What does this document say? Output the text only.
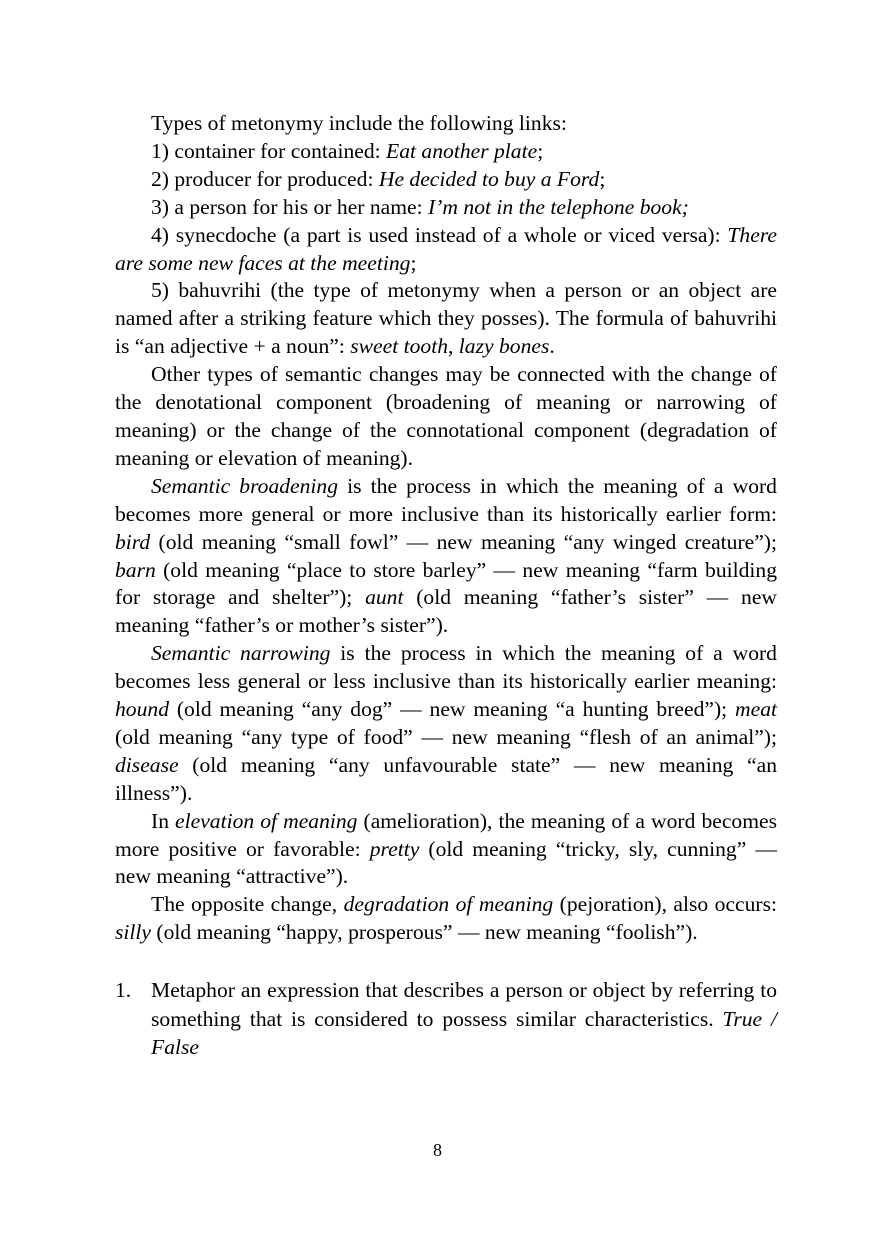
Types of metonymy include the following links:

1) container for contained: Eat another plate;

2) producer for produced: He decided to buy a Ford;

3) a person for his or her name: I’m not in the telephone book;

4) synecdoche (a part is used instead of a whole or viced versa): There are some new faces at the meeting;

5) bahuvrihi (the type of metonymy when a person or an object are named after a striking feature which they posses). The formula of bahuvrihi is “an adjective + a noun”: sweet tooth, lazy bones.

Other types of semantic changes may be connected with the change of the denotational component (broadening of meaning or narrowing of meaning) or the change of the connotational component (degradation of meaning or elevation of meaning).

Semantic broadening is the process in which the meaning of a word becomes more general or more inclusive than its historically earlier form: bird (old meaning “small fowl” — new meaning “any winged creature”); barn (old meaning “place to store barley” — new meaning “farm building for storage and shelter”); aunt (old meaning “father’s sister” — new meaning “father’s or mother’s sister”).

Semantic narrowing is the process in which the meaning of a word becomes less general or less inclusive than its historically earlier meaning: hound (old meaning “any dog” — new meaning “a hunting breed”); meat (old meaning “any type of food” — new meaning “flesh of an animal”); disease (old meaning “any unfavourable state” — new meaning “an illness”).

In elevation of meaning (amelioration), the meaning of a word becomes more positive or favorable: pretty (old meaning “tricky, sly, cunning” — new meaning “attractive”).

The opposite change, degradation of meaning (pejoration), also occurs: silly (old meaning “happy, prosperous” — new meaning “foolish”).

1. Metaphor an expression that describes a person or object by referring to something that is considered to possess similar characteristics. True / False
8
